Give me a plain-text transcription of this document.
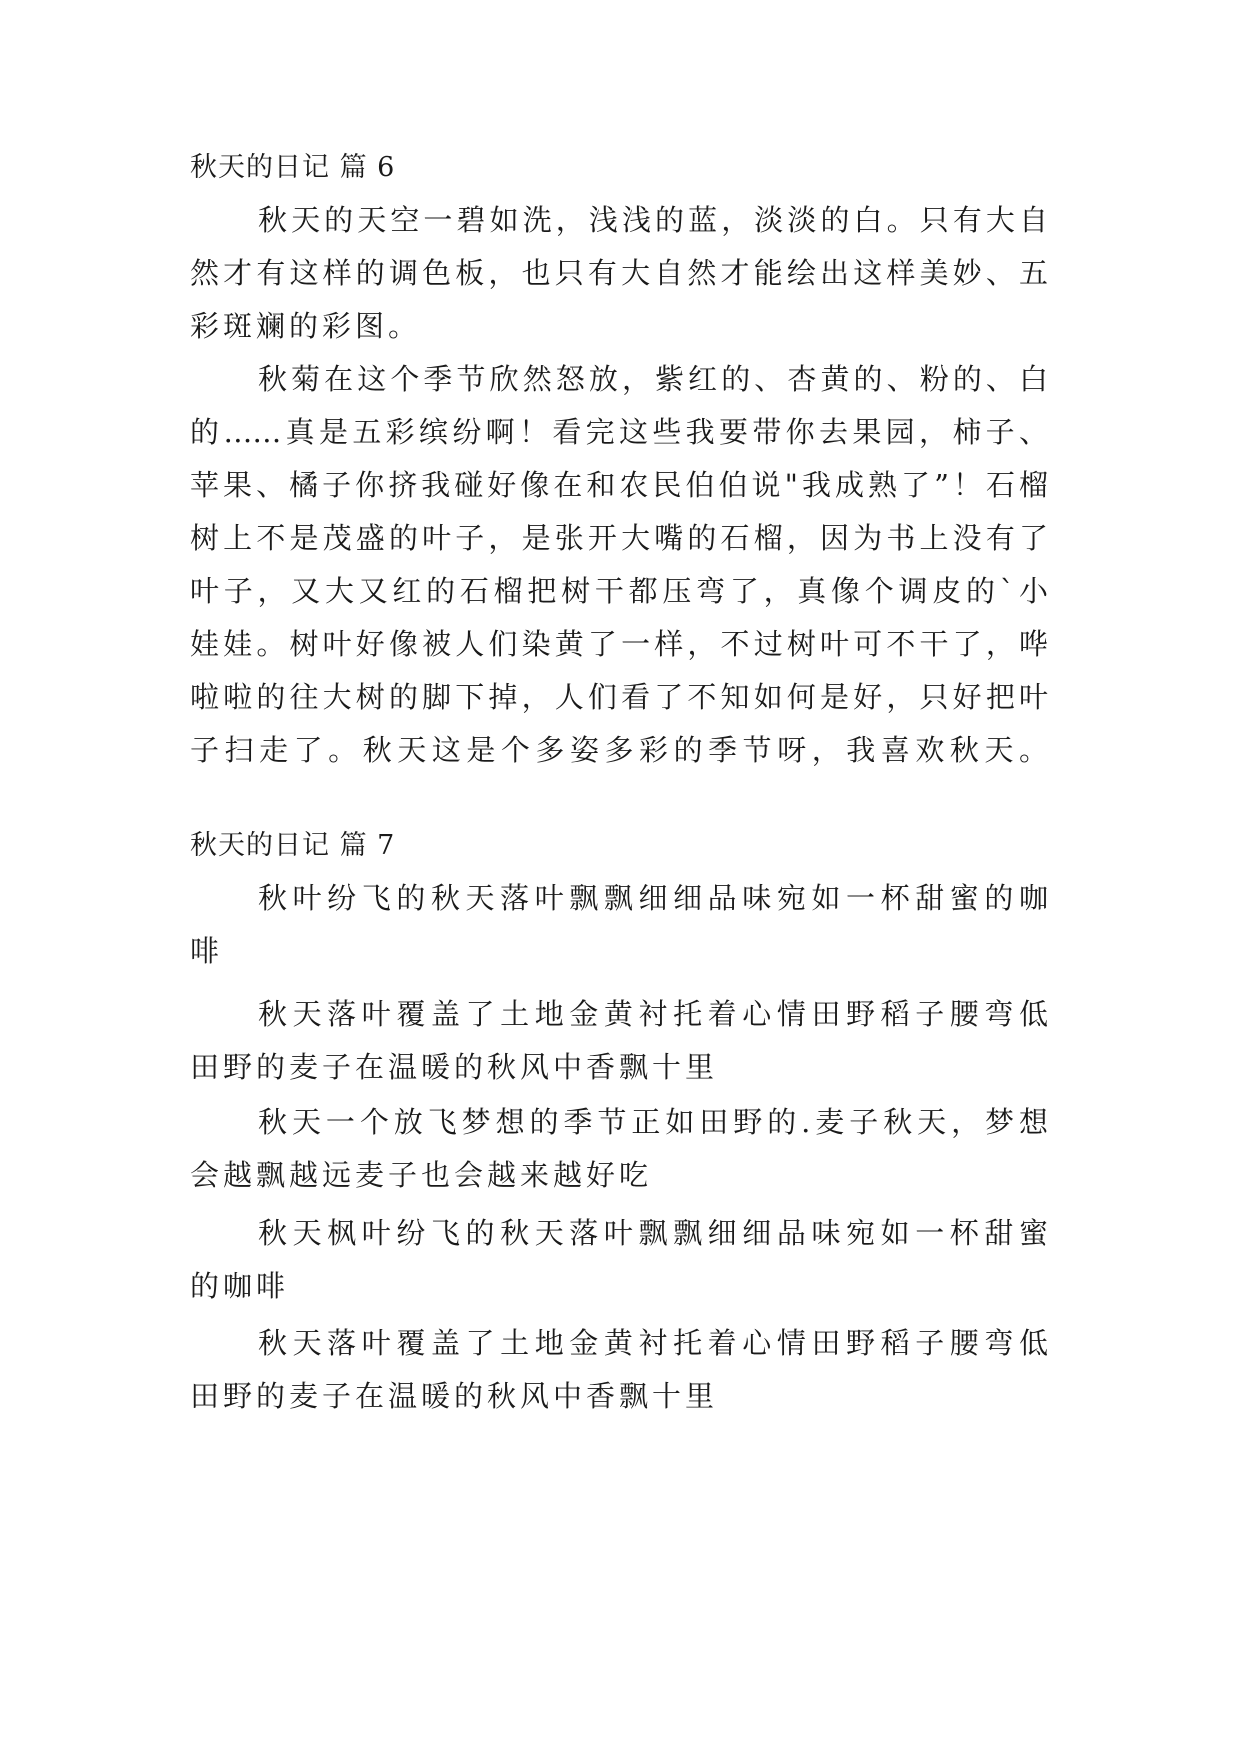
秋天的日记 篇 6
秋天的天空一碧如洗，浅浅的蓝，淡淡的白。只有大自
然才有这样的调色板，也只有大自然才能绘出这样美妙、五
彩斑斓的彩图。
秋菊在这个季节欣然怒放，紫红的、杏黄的、粉的、白
的……真是五彩缤纷啊！看完这些我要带你去果园，柿子、
苹果、橘子你挤我碰好像在和农民伯伯说"我成熟了”！石榴
树上不是茂盛的叶子，是张开大嘴的石榴，因为书上没有了
叶子，又大又红的石榴把树干都压弯了，真像个调皮的`小
娃娃。树叶好像被人们染黄了一样，不过树叶可不干了，哗
啦啦的往大树的脚下掉，人们看了不知如何是好，只好把叶
子扫走了。秋天这是个多姿多彩的季节呀，我喜欢秋天。
秋天的日记 篇 7
秋叶纷飞的秋天落叶飘飘细细品味宛如一杯甜蜜的咖
啡
秋天落叶覆盖了土地金黄衬托着心情田野稻子腰弯低
田野的麦子在温暖的秋风中香飘十里
秋天一个放飞梦想的季节正如田野的.麦子秋天，梦想
会越飘越远麦子也会越来越好吃
秋天枫叶纷飞的秋天落叶飘飘细细品味宛如一杯甜蜜
的咖啡
秋天落叶覆盖了土地金黄衬托着心情田野稻子腰弯低
田野的麦子在温暖的秋风中香飘十里
